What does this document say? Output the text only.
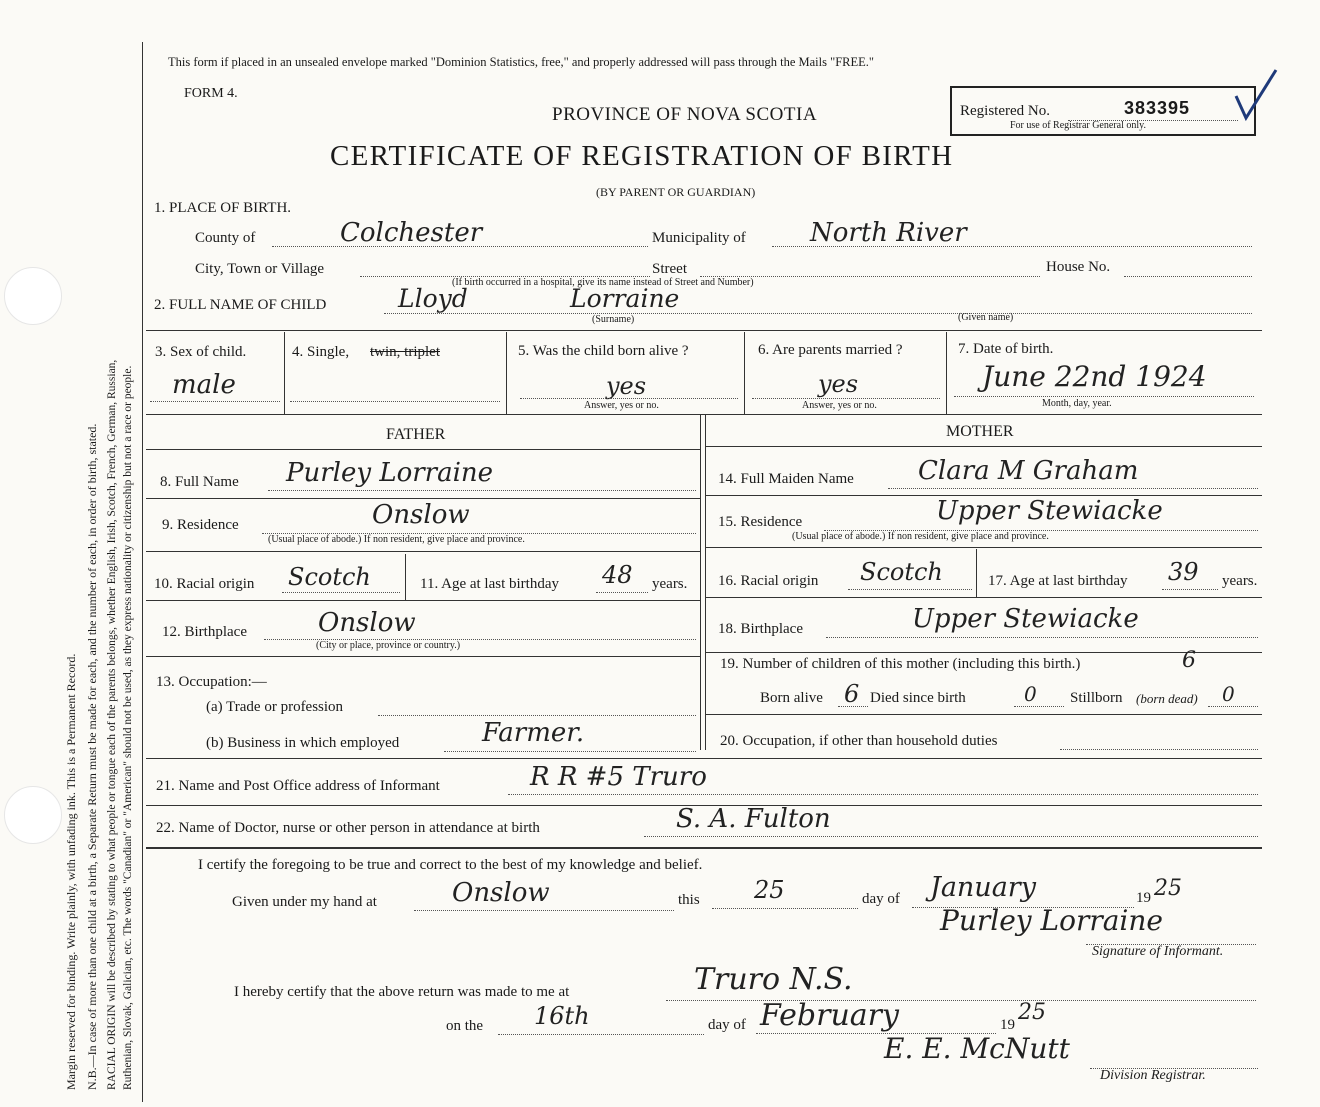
Margin reserved for binding. Write plainly, with unfading ink. This is a Permanent Record. N.B.—In case of more than one child at a birth, a Separate Return must be made for each, and the number of each, in order of birth, stated. RACIAL ORIGIN will be described by stating to what people or tongue each of the parents belongs, whether English, Irish, Scotch, French, German, Russian, Ruthenian, Slovak, Galician, etc. The words "Canadian" or "American" should not be used, as they express nationality or citizenship but not a race or people.
This form if placed in an unsealed envelope marked "Dominion Statistics, free," and properly addressed will pass through the Mails "FREE."
FORM 4.
PROVINCE OF NOVA SCOTIA
CERTIFICATE OF REGISTRATION OF BIRTH
(BY PARENT OR GUARDIAN)
Registered No.	383395
For use of Registrar General only.
1. PLACE OF BIRTH.
County of	Colchester	Municipality of North River
City, Town or Village	Street	House No.
(If birth occurred in a hospital, give its name instead of Street and Number)
2. FULL NAME OF CHILD	Lloyd	Lorraine
(Surname)	(Given name)
3. Sex of child.
male
4. Single, twin, triplet	5. Was the child born alive ?
yes
Answer, yes or no.
6. Are parents married ?
yes
Answer, yes or no.
7. Date of birth.
June 22nd 1924
Month, day, year.
FATHER	MOTHER
8. Full Name Purley Lorraine
9. Residence	Onslow
(Usual place of abode.) If non resident, give place and province.
10. Racial origin Scotch	11. Age at last birthday 48 years.
12. Birthplace	Onslow
(City or place, province or country.)
13. Occupation:—
(a) Trade or profession
(b) Business in which employed	Farmer.
14. Full Maiden Name Clara M Graham
15. Residence	Upper Stewiacke
(Usual place of abode.) If non resident, give place and province.
16. Racial origin Scotch	17. Age at last birthday 39 years.
18. Birthplace	Upper Stewiacke
19. Number of children of this mother (including this birth.)	6
Born alive 6 Died since birth	0 Stillborn (born dead) 0
20. Occupation, if other than household duties
21. Name and Post Office address of Informant	R R #5 Truro
22. Name of Doctor, nurse or other person in attendance at birth	S. A. Fulton
I certify the foregoing to be true and correct to the best of my knowledge and belief.
Given under my hand at	Onslow	this 25	day of January	19 25
Purley Lorraine
Signature of Informant.
I hereby certify that the above return was made to me at	Truro N.S.
on the 16th	day of February	19 25
E. E. McNutt
Division Registrar.
